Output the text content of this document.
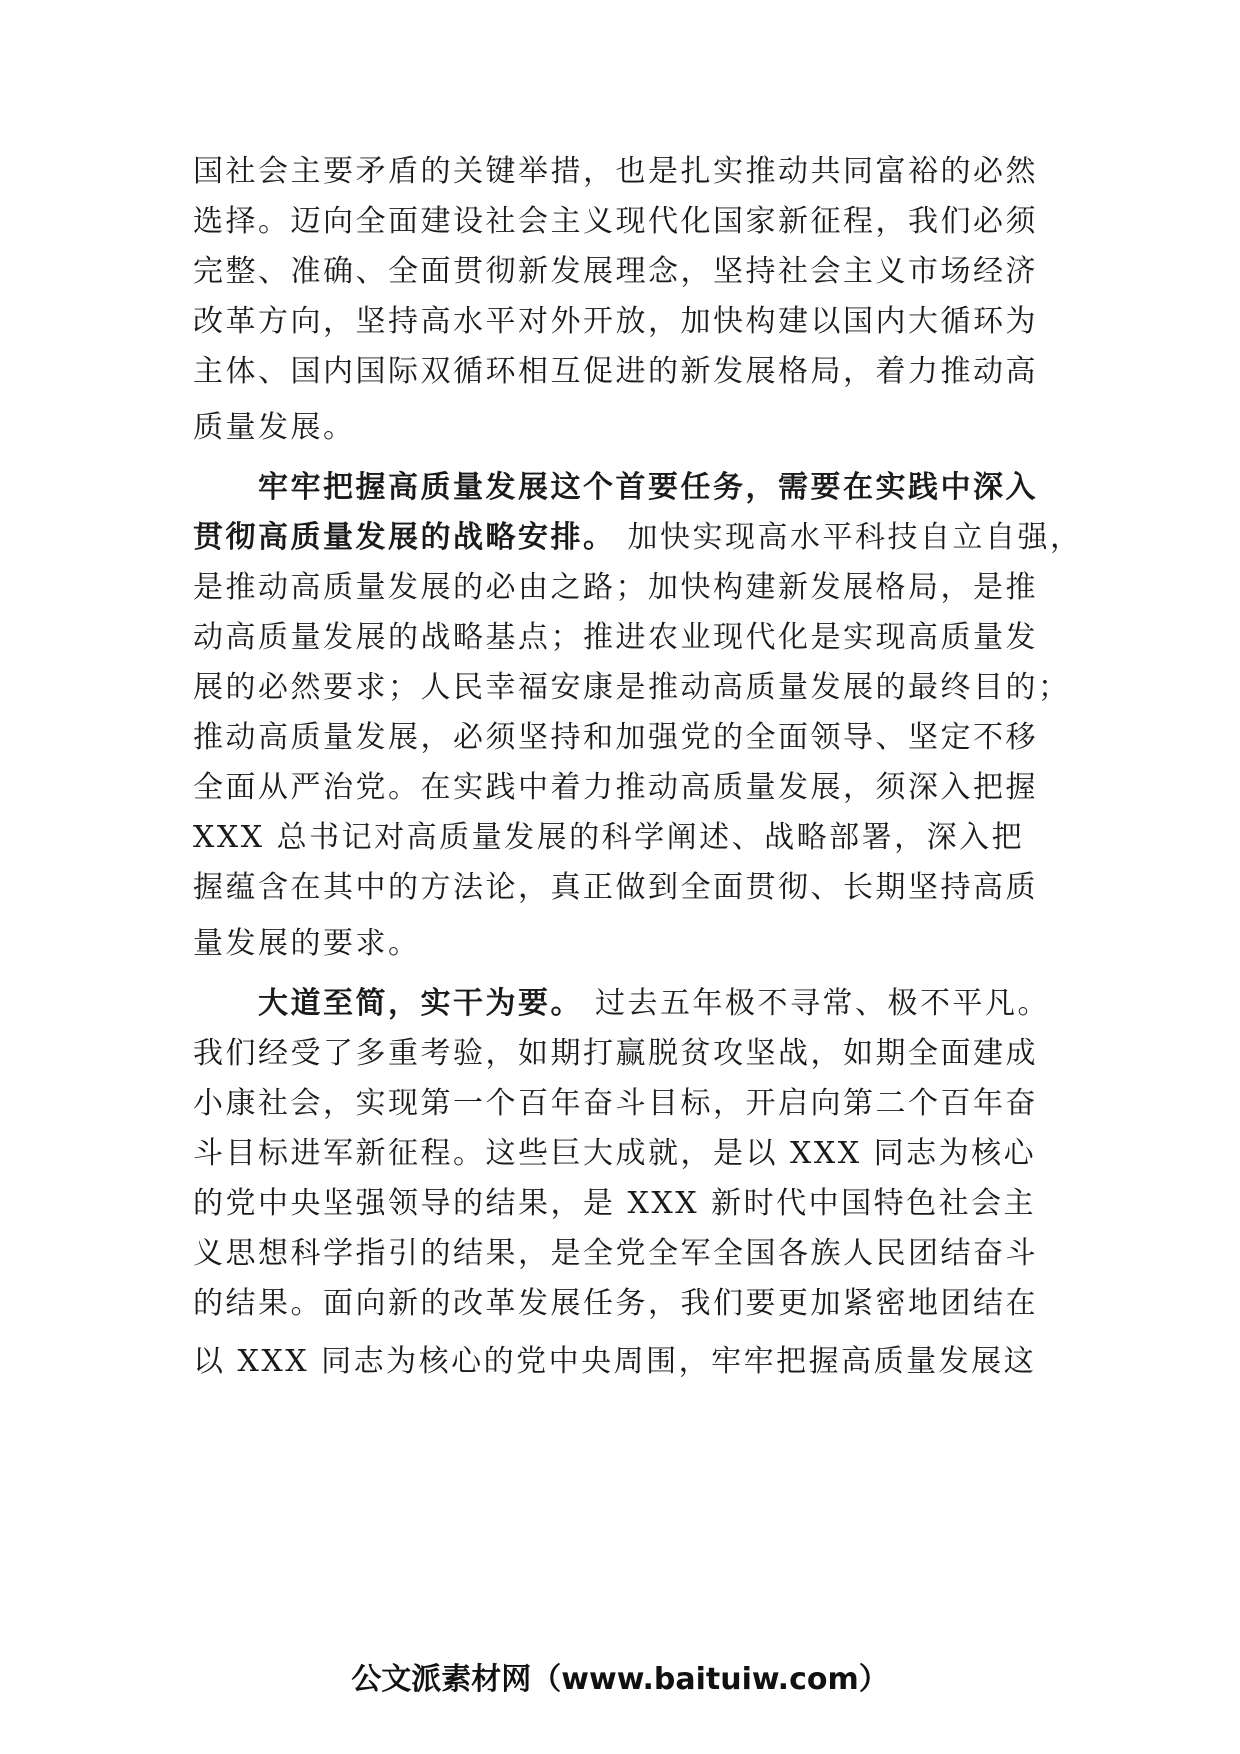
国社会主要矛盾的关键举措，也是扎实推动共同富裕的必然
选择。迈向全面建设社会主义现代化国家新征程，我们必须
完整、准确、全面贯彻新发展理念，坚持社会主义市场经济
改革方向，坚持高水平对外开放，加快构建以国内大循环为
主体、国内国际双循环相互促进的新发展格局，着力推动高
质量发展。
牢牢把握高质量发展这个首要任务，需要在实践中深入
贯彻高质量发展的战略安排。 加快实现高水平科技自立自强，
是推动高质量发展的必由之路；加快构建新发展格局，是推
动高质量发展的战略基点；推进农业现代化是实现高质量发
展的必然要求；人民幸福安康是推动高质量发展的最终目的；
推动高质量发展，必须坚持和加强党的全面领导、坚定不移
全面从严治党。在实践中着力推动高质量发展，须深入把握
XXX 总书记对高质量发展的科学阐述、战略部署，深入把
握蕴含在其中的方法论，真正做到全面贯彻、长期坚持高质
量发展的要求。
大道至简，实干为要。 过去五年极不寻常、极不平凡。
我们经受了多重考验，如期打赢脱贫攻坚战，如期全面建成
小康社会，实现第一个百年奋斗目标，开启向第二个百年奋
斗目标进军新征程。这些巨大成就，是以 XXX 同志为核心
的党中央坚强领导的结果，是 XXX 新时代中国特色社会主
义思想科学指引的结果，是全党全军全国各族人民团结奋斗
的结果。面向新的改革发展任务，我们要更加紧密地团结在
以 XXX 同志为核心的党中央周围，牢牢把握高质量发展这
公文派素材网（www.baituiw.com）
